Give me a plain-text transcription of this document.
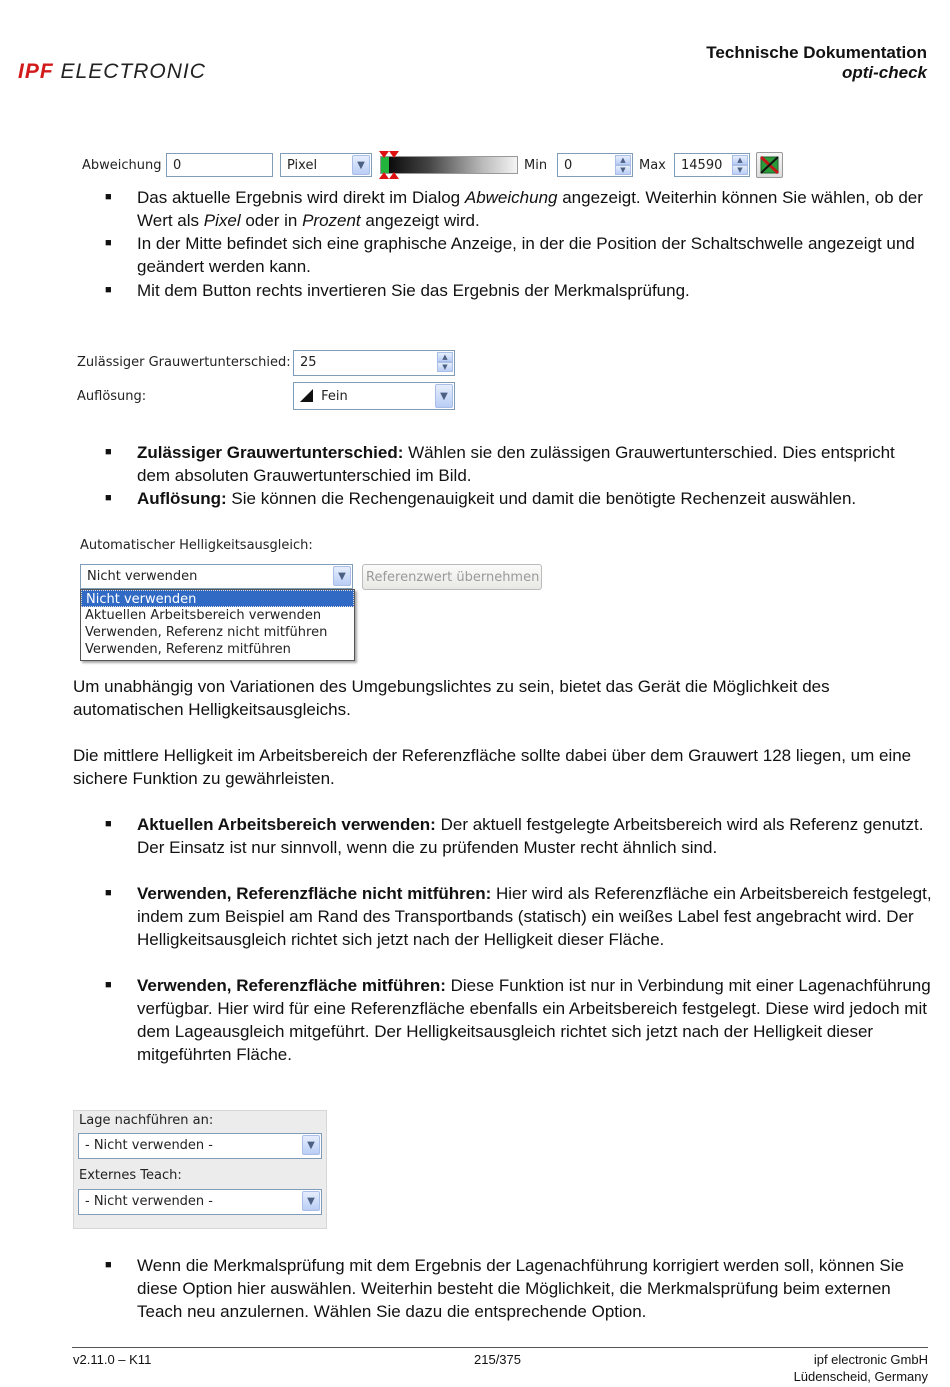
IPF ELECTRONIC
Technische Dokumentation
opti-check
Abweichung 0	Pixel	▼	Min	0	▲
▼	Max	14590	▲
▼
■ Das aktuelle Ergebnis wird direkt im Dialog Abweichung angezeigt. Weiterhin können Sie wählen, ob der Wert als Pixel oder in Prozent angezeigt wird.
■ In der Mitte befindet sich eine graphische Anzeige, in der die Position der Schaltschwelle angezeigt und geändert werden kann.
■ Mit dem Button rechts invertieren Sie das Ergebnis der Merkmalsprüfung.
Zulässiger Grauwertunterschied: 25	▲
▼
Auflösung:	Fein	▼
■ Zulässiger Grauwertunterschied: Wählen sie den zulässigen Grauwertunterschied. Dies entspricht dem absoluten Grauwertunterschied im Bild.
■ Auflösung: Sie können die Rechengenauigkeit und damit die benötigte Rechenzeit auswählen.
Automatischer Helligkeitsausgleich:
Nicht verwenden	▼	Referenzwert übernehmen
Nicht verwenden
Aktuellen Arbeitsbereich verwenden
Verwenden, Referenz nicht mitführen
Verwenden, Referenz mitführen
Um unabhängig von Variationen des Umgebungslichtes zu sein, bietet das Gerät die Möglichkeit des automatischen Helligkeitsausgleichs.
Die mittlere Helligkeit im Arbeitsbereich der Referenzfläche sollte dabei über dem Grauwert 128 liegen, um eine sichere Funktion zu gewährleisten.
■ Aktuellen Arbeitsbereich verwenden: Der aktuell festgelegte Arbeitsbereich wird als Referenz genutzt. Der Einsatz ist nur sinnvoll, wenn die zu prüfenden Muster recht ähnlich sind.
■ Verwenden, Referenzfläche nicht mitführen: Hier wird als Referenzfläche ein Arbeitsbereich festgelegt, indem zum Beispiel am Rand des Transportbands (statisch) ein weißes Label fest angebracht wird. Der Helligkeitsausgleich richtet sich jetzt nach der Helligkeit dieser Fläche.
■ Verwenden, Referenzfläche mitführen: Diese Funktion ist nur in Verbindung mit einer Lagenachführung verfügbar. Hier wird für eine Referenzfläche ebenfalls ein Arbeitsbereich festgelegt. Diese wird jedoch mit dem Lageausgleich mitgeführt. Der Helligkeitsausgleich richtet sich jetzt nach der Helligkeit dieser mitgeführten Fläche.
Lage nachführen an:
- Nicht verwenden -	▼
Externes Teach:
- Nicht verwenden -	▼
■ Wenn die Merkmalsprüfung mit dem Ergebnis der Lagenachführung korrigiert werden soll, können Sie diese Option hier auswählen. Weiterhin besteht die Möglichkeit, die Merkmalsprüfung beim externen Teach neu anzulernen. Wählen Sie dazu die entsprechende Option.
v2.11.0 – K11	215/375	ipf electronic GmbH
Lüdenscheid, Germany
